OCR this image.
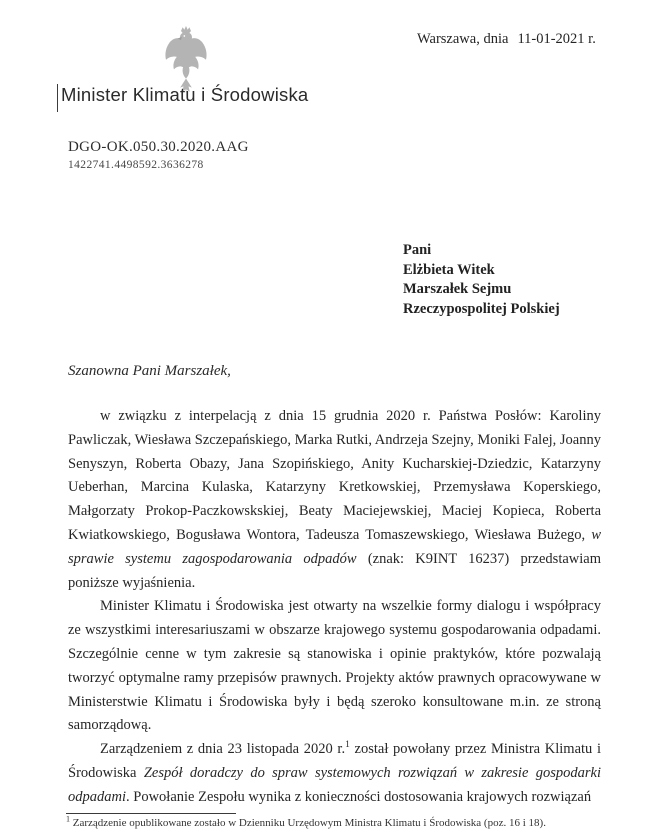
Warszawa, dnia 11-01-2021 r.
Minister Klimatu i Środowiska
DGO-OK.050.30.2020.AAG
1422741.4498592.3636278
Pani
Elżbieta Witek
Marszałek Sejmu
Rzeczypospolitej Polskiej
Szanowna Pani Marszałek,

w związku z interpelacją z dnia 15 grudnia 2020 r. Państwa Posłów: Karoliny Pawliczak, Wiesława Szczepańskiego, Marka Rutki, Andrzeja Szejny, Moniki Falej, Joanny Senyszyn, Roberta Obazy, Jana Szopińskiego, Anity Kucharskiej-Dziedzic, Katarzyny Ueberhan, Marcina Kulaska, Katarzyny Kretkowskiej, Przemysława Koperskiego, Małgorzaty Prokop-Paczkowskskiej, Beaty Maciejewskiej, Maciej Kopieca, Roberta Kwiatkowskiego, Bogusława Wontora, Tadeusza Tomaszewskiego, Wiesława Bużego, w sprawie systemu zagospodarowania odpadów (znak: K9INT 16237) przedstawiam poniższe wyjaśnienia.

Minister Klimatu i Środowiska jest otwarty na wszelkie formy dialogu i współpracy ze wszystkimi interesariuszami w obszarze krajowego systemu gospodarowania odpadami. Szczególnie cenne w tym zakresie są stanowiska i opinie praktyków, które pozwalają tworzyć optymalne ramy przepisów prawnych. Projekty aktów prawnych opracowywane w Ministerstwie Klimatu i Środowiska były i będą szeroko konsultowane m.in. ze stroną samorządową.

Zarządzeniem z dnia 23 listopada 2020 r.$^1$ został powołany przez Ministra Klimatu i Środowiska Zespół doradczy do spraw systemowych rozwiązań w zakresie gospodarki odpadami. Powołanie Zespołu wynika z konieczności dostosowania krajowych rozwiązań

$^1$ Zarządzenie opublikowane zostało w Dzienniku Urzędowym Ministra Klimatu i Środowiska (poz. 16 i 18).
